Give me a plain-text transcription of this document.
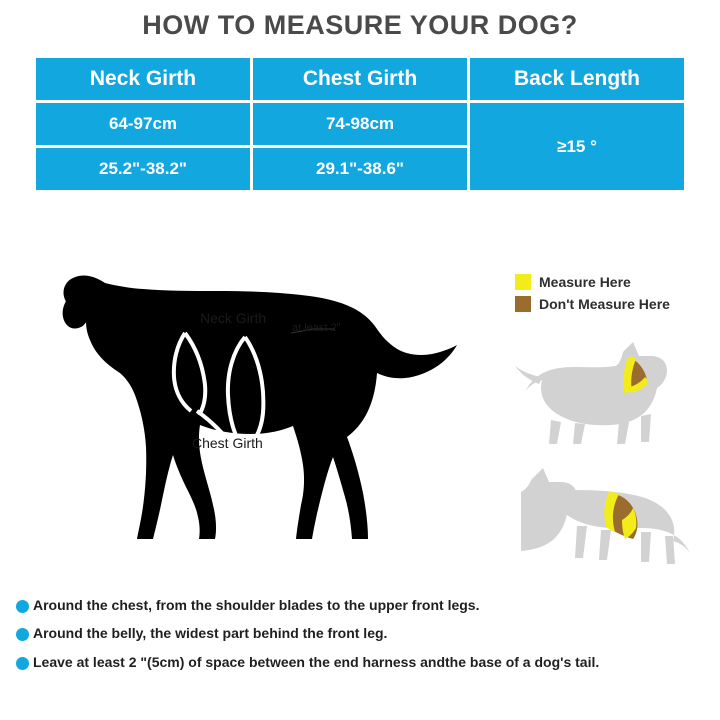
HOW TO MEASURE YOUR DOG?
Neck Girth	Chest Girth	Back Length
64-97cm	74-98cm	≥15 °
25.2"-38.2"	29.1"-38.6"	
Measure Here
Don't Measure Here
Neck Girth
Chest Girth
at least 2"
Around the chest, from the shoulder blades to the upper front legs.
Around the belly, the widest part behind the front leg.
Leave at least 2 "(5cm) of space between the end harness andthe base of a dog's tail.
